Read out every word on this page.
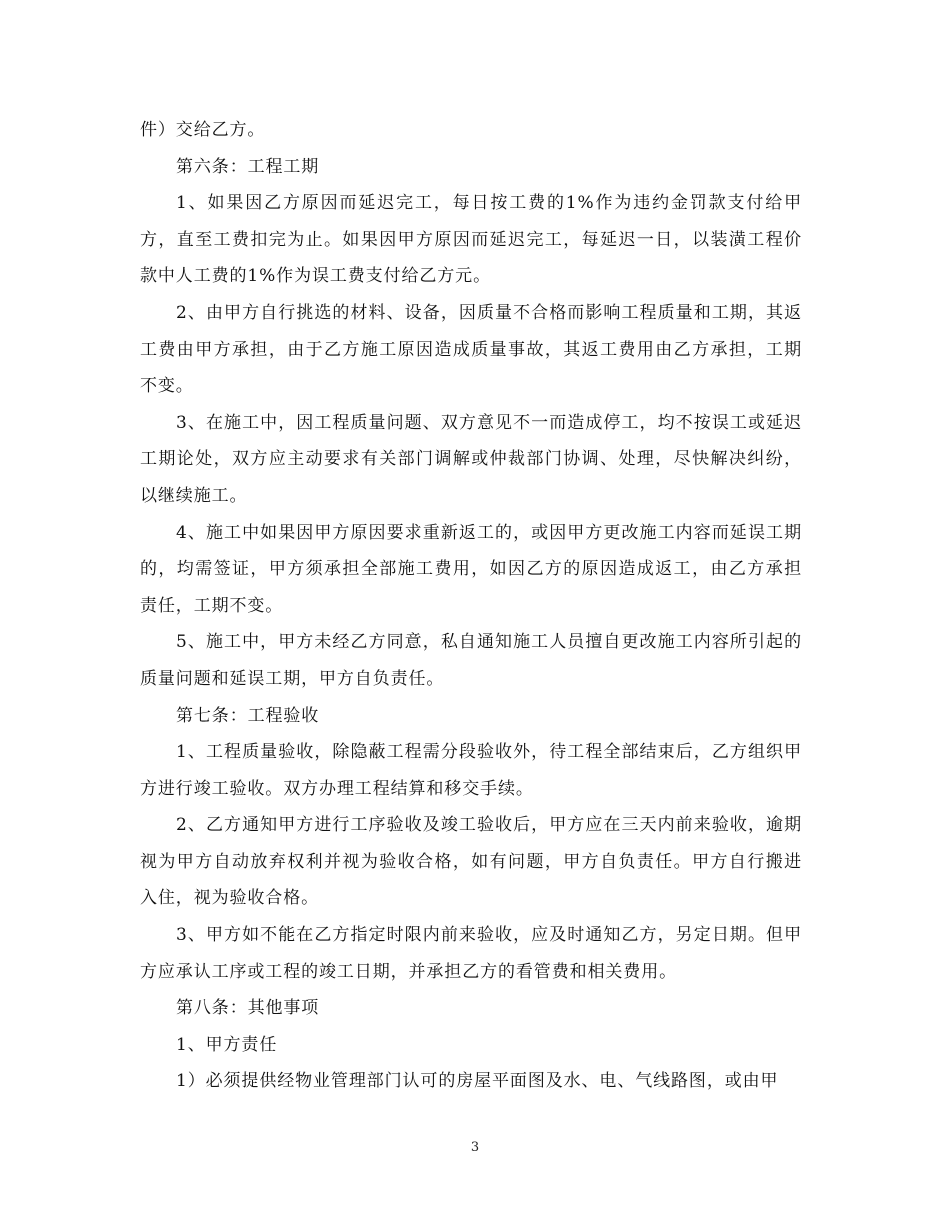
件）交给乙方。

第六条：工程工期

1、如果因乙方原因而延迟完工，每日按工费的1%作为违约金罚款支付给甲方，直至工费扣完为止。如果因甲方原因而延迟完工，每延迟一日，以装潢工程价款中人工费的1%作为误工费支付给乙方元。

2、由甲方自行挑选的材料、设备，因质量不合格而影响工程质量和工期，其返工费由甲方承担，由于乙方施工原因造成质量事故，其返工费用由乙方承担，工期不变。

3、在施工中，因工程质量问题、双方意见不一而造成停工，均不按误工或延迟工期论处，双方应主动要求有关部门调解或仲裁部门协调、处理，尽快解决纠纷，以继续施工。

4、施工中如果因甲方原因要求重新返工的，或因甲方更改施工内容而延误工期的，均需签证，甲方须承担全部施工费用，如因乙方的原因造成返工，由乙方承担责任，工期不变。

5、施工中，甲方未经乙方同意，私自通知施工人员擅自更改施工内容所引起的质量问题和延误工期，甲方自负责任。

第七条：工程验收

1、工程质量验收，除隐蔽工程需分段验收外，待工程全部结束后，乙方组织甲方进行竣工验收。双方办理工程结算和移交手续。

2、乙方通知甲方进行工序验收及竣工验收后，甲方应在三天内前来验收，逾期视为甲方自动放弃权利并视为验收合格，如有问题，甲方自负责任。甲方自行搬进入住，视为验收合格。

3、甲方如不能在乙方指定时限内前来验收，应及时通知乙方，另定日期。但甲方应承认工序或工程的竣工日期，并承担乙方的看管费和相关费用。

第八条：其他事项

1、甲方责任

1）必须提供经物业管理部门认可的房屋平面图及水、电、气线路图，或由甲

3
